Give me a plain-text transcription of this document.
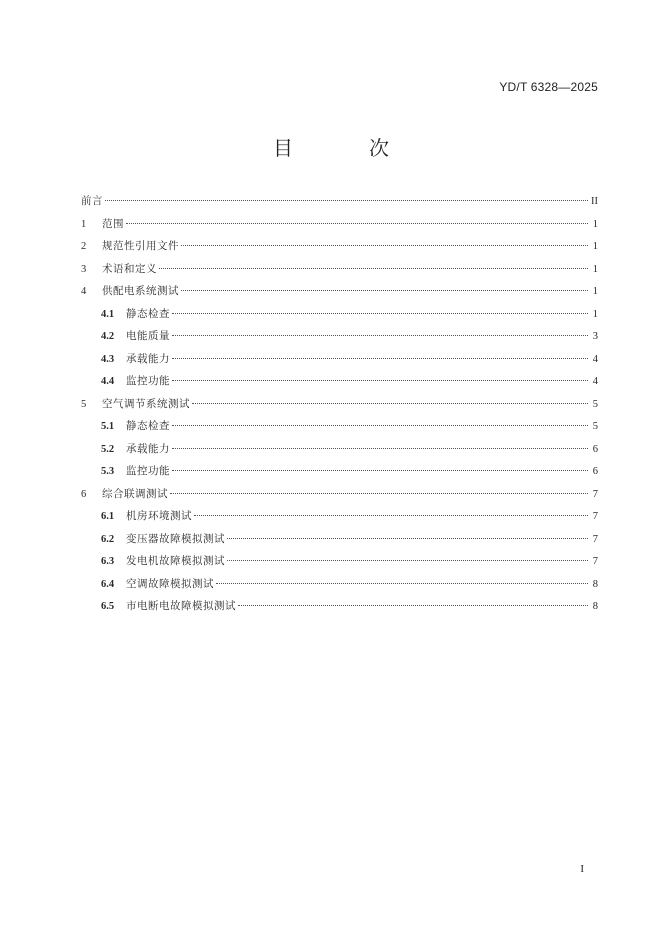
YD/T 6328—2025
目　次
前言	II
1	范围	1
2	规范性引用文件	1
3	术语和定义	1
4	供配电系统测试	1
4.1	静态检查	1
4.2	电能质量	3
4.3	承载能力	4
4.4	监控功能	4
5	空气调节系统测试	5
5.1	静态检查	5
5.2	承载能力	6
5.3	监控功能	6
6	综合联调测试	7
6.1	机房环境测试	7
6.2	变压器故障模拟测试	7
6.3	发电机故障模拟测试	7
6.4	空调故障模拟测试	8
6.5	市电断电故障模拟测试	8
I
